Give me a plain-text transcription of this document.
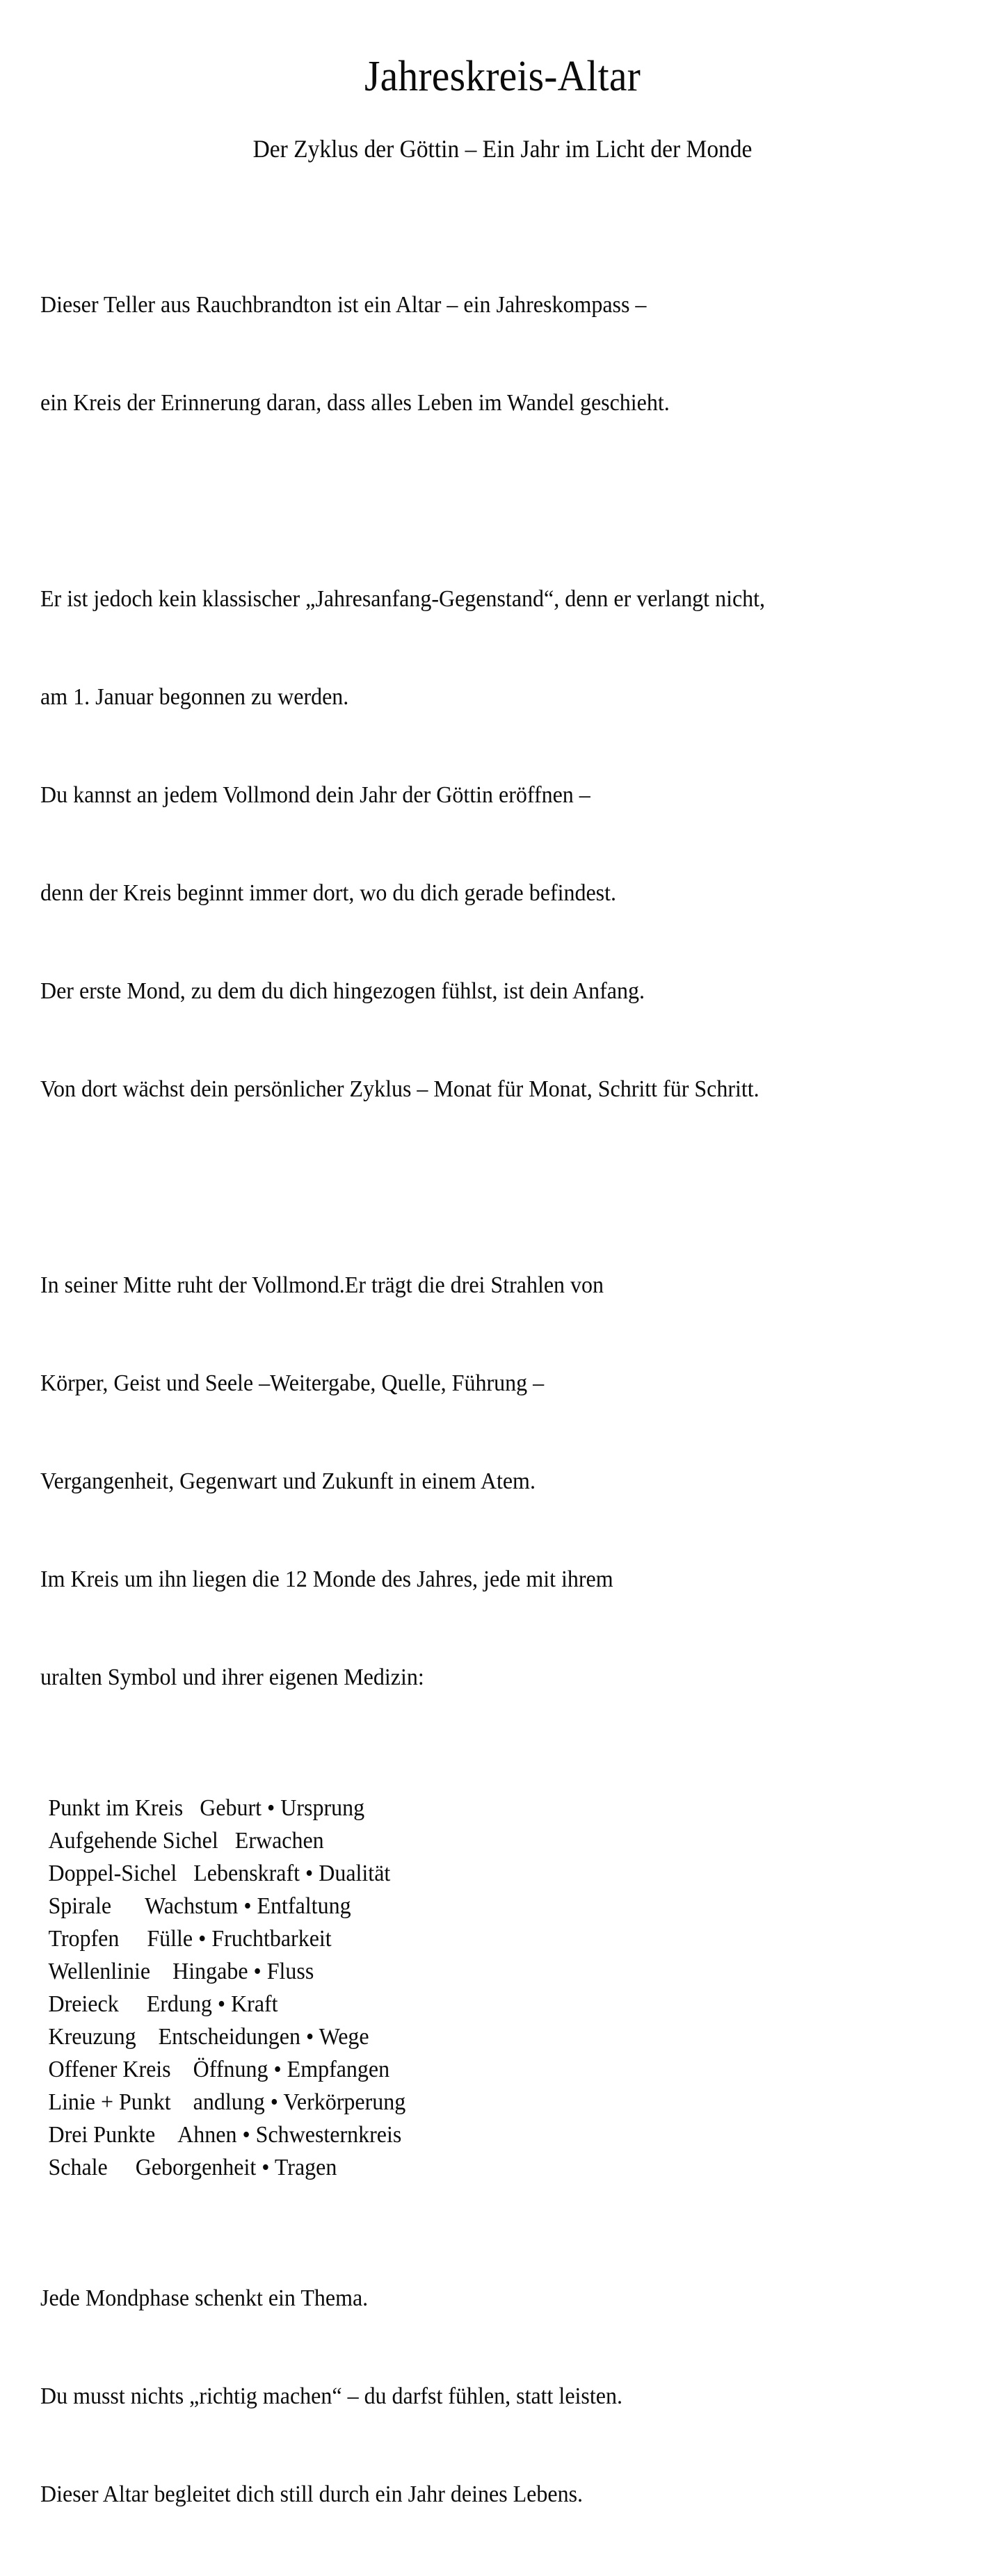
Jahreskreis-Altar

Der Zyklus der Göttin – Ein Jahr im Licht der Monde

Dieser Teller aus Rauchbrandton ist ein Altar – ein Jahreskompass –

ein Kreis der Erinnerung daran, dass alles Leben im Wandel geschieht.

Er ist jedoch kein klassischer „Jahresanfang-Gegenstand“, denn er verlangt nicht,

am 1. Januar begonnen zu werden.

Du kannst an jedem Vollmond dein Jahr der Göttin eröffnen –

denn der Kreis beginnt immer dort, wo du dich gerade befindest.

Der erste Mond, zu dem du dich hingezogen fühlst, ist dein Anfang.

Von dort wächst dein persönlicher Zyklus – Monat für Monat, Schritt für Schritt.

In seiner Mitte ruht der Vollmond.Er trägt die drei Strahlen von

Körper, Geist und Seele –Weitergabe, Quelle, Führung –

Vergangenheit, Gegenwart und Zukunft in einem Atem.

Im Kreis um ihn liegen die 12 Monde des Jahres, jede mit ihrem

uralten Symbol und ihrer eigenen Medizin:

Punkt im Kreis Geburt • Ursprung
Aufgehende Sichel Erwachen
Doppel-Sichel Lebenskraft • Dualität
Spirale Wachstum • Entfaltung
Tropfen Fülle • Fruchtbarkeit
Wellenlinie Hingabe • Fluss
Dreieck Erdung • Kraft
Kreuzung Entscheidungen • Wege
Offener Kreis Öffnung • Empfangen
Linie + Punkt andlung • Verkörperung
Drei Punkte Ahnen • Schwesternkreis
Schale Geborgenheit • Tragen

Jede Mondphase schenkt ein Thema.

Du musst nichts „richtig machen“ – du darfst fühlen, statt leisten.

Dieser Altar begleitet dich still durch ein Jahr deines Lebens.
